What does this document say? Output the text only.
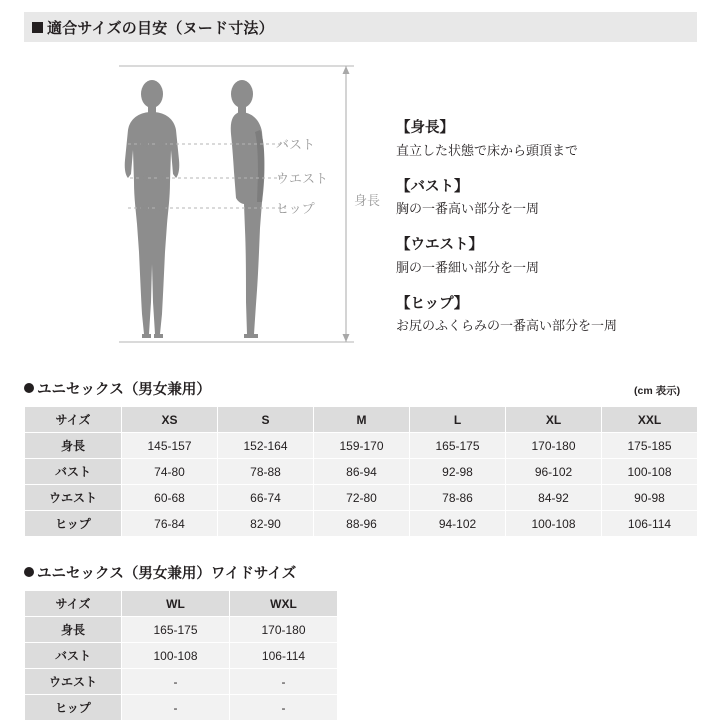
適合サイズの目安（ヌード寸法）
バスト
ウエスト
ヒップ
身長
【身長】
直立した状態で床から頭頂まで
【バスト】
胸の一番高い部分を一周
【ウエスト】
胴の一番細い部分を一周
【ヒップ】
お尻のふくらみの一番高い部分を一周
ユニセックス（男女兼用）	(cm 表示)
サイズ	XS	S	M	L	XL	XXL
身長	145-157	152-164	159-170	165-175	170-180	175-185
バスト	74-80	78-88	86-94	92-98	96-102	100-108
ウエスト	60-68	66-74	72-80	78-86	84-92	90-98
ヒップ	76-84	82-90	88-96	94-102	100-108	106-114
ユニセックス（男女兼用）ワイドサイズ
サイズ	WL	WXL
身長	165-175	170-180
バスト	100-108	106-114
ウエスト	-	-
ヒップ	-	-
